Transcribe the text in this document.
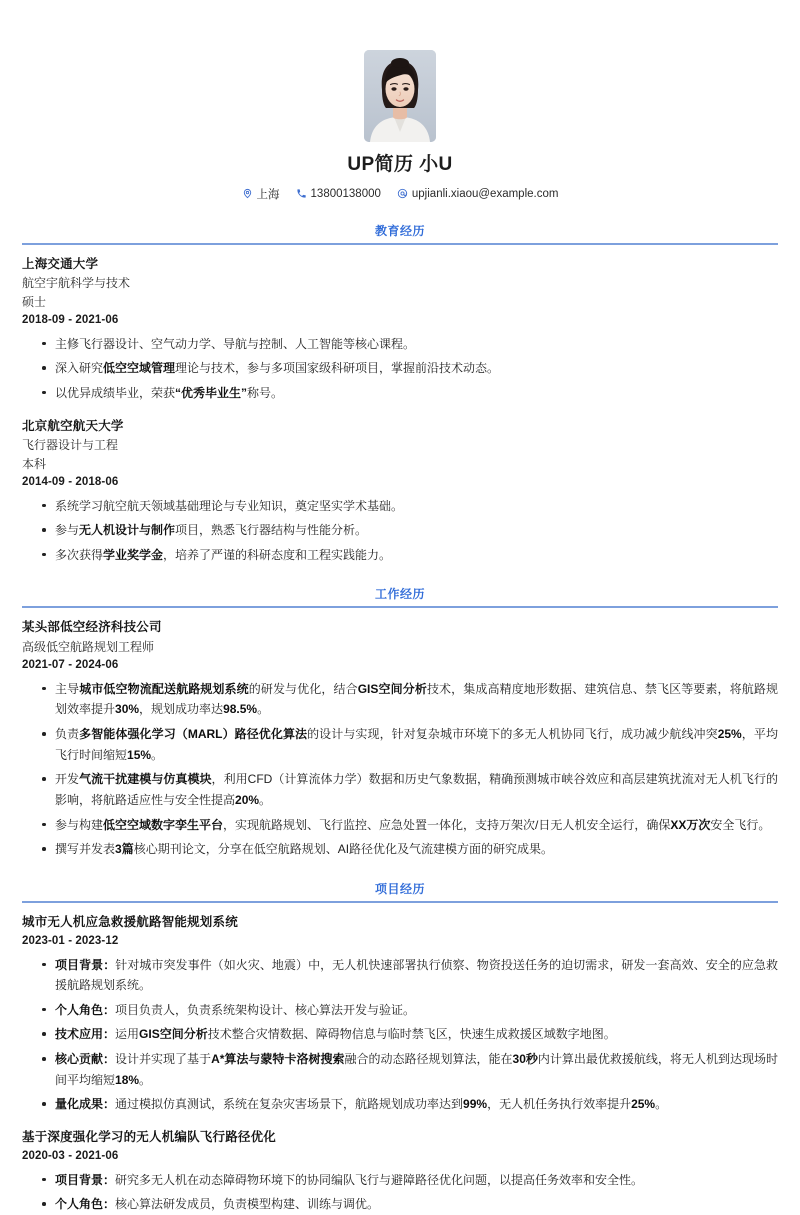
UP简历 小U
上海	13800138000	upjianli.xiaou@example.com
教育经历
上海交通大学
航空宇航科学与技术
硕士
2018-09 - 2021-06
主修飞行器设计、空气动力学、导航与控制、人工智能等核心课程。
深入研究低空空域管理理论与技术，参与多项国家级科研项目，掌握前沿技术动态。
以优异成绩毕业，荣获“优秀毕业生”称号。
北京航空航天大学
飞行器设计与工程
本科
2014-09 - 2018-06
系统学习航空航天领域基础理论与专业知识，奠定坚实学术基础。
参与无人机设计与制作项目，熟悉飞行器结构与性能分析。
多次获得学业奖学金，培养了严谨的科研态度和工程实践能力。
工作经历
某头部低空经济科技公司
高级低空航路规划工程师
2021-07 - 2024-06
主导城市低空物流配送航路规划系统的研发与优化，结合GIS空间分析技术，集成高精度地形数据、建筑信息、禁飞区等要素，将航路规划效率提升30%，规划成功率达98.5%。
负责多智能体强化学习（MARL）路径优化算法的设计与实现，针对复杂城市环境下的多无人机协同飞行，成功减少航线冲突25%，平均飞行时间缩短15%。
开发气流干扰建模与仿真模块，利用CFD（计算流体力学）数据和历史气象数据，精确预测城市峡谷效应和高层建筑扰流对无人机飞行的影响，将航路适应性与安全性提高20%。
参与构建低空空域数字孪生平台，实现航路规划、飞行监控、应急处置一体化，支持万架次/日无人机安全运行，确保XX万次安全飞行。
撰写并发表3篇核心期刊论文，分享在低空航路规划、AI路径优化及气流建模方面的研究成果。
项目经历
城市无人机应急救援航路智能规划系统
2023-01 - 2023-12
项目背景：针对城市突发事件（如火灾、地震）中，无人机快速部署执行侦察、物资投送任务的迫切需求，研发一套高效、安全的应急救援航路规划系统。
个人角色：项目负责人，负责系统架构设计、核心算法开发与验证。
技术应用：运用GIS空间分析技术整合灾情数据、障碍物信息与临时禁飞区，快速生成救援区域数字地图。
核心贡献：设计并实现了基于A*算法与蒙特卡洛树搜索融合的动态路径规划算法，能在30秒内计算出最优救援航线，将无人机到达现场时间平均缩短18%。
量化成果：通过模拟仿真测试，系统在复杂灾害场景下，航路规划成功率达到99%，无人机任务执行效率提升25%。
基于深度强化学习的无人机编队飞行路径优化
2020-03 - 2021-06
项目背景：研究多无人机在动态障碍物环境下的协同编队飞行与避障路径优化问题，以提高任务效率和安全性。
个人角色：核心算法研发成员，负责模型构建、训练与调优。
